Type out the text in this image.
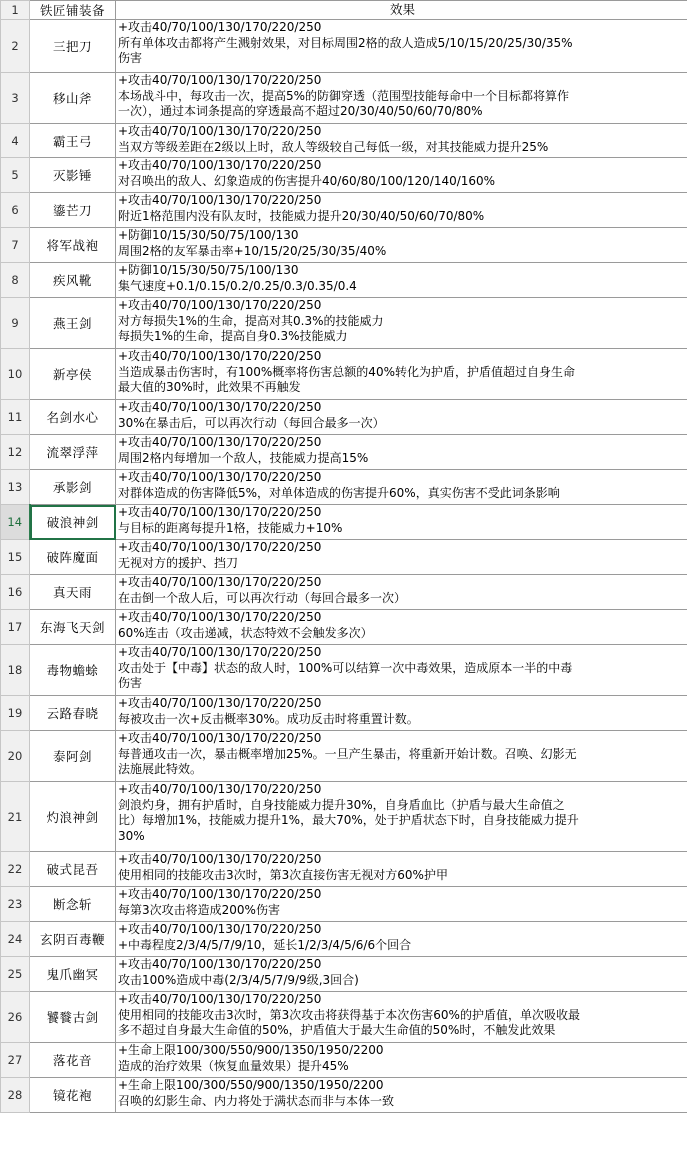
1	铁匠铺装备	效果
2	三把刀	+攻击40/70/100/130/170/220/250
所有单体攻击都将产生溅射效果，对目标周围2格的敌人造成5/10/15/20/25/30/35%
伤害
3	移山斧	+攻击40/70/100/130/170/220/250
本场战斗中，每攻击一次，提高5%的防御穿透（范围型技能每命中一个目标都将算作
一次），通过本词条提高的穿透最高不超过20/30/40/50/60/70/80%
4	霸王弓	+攻击40/70/100/130/170/220/250
当双方等级差距在2级以上时，敌人等级较自己每低一级，对其技能威力提升25%
5	灭影锤	+攻击40/70/100/130/170/220/250
对召唤出的敌人、幻象造成的伤害提升40/60/80/100/120/140/160%
6	鎏芒刀	+攻击40/70/100/130/170/220/250
附近1格范围内没有队友时，技能威力提升20/30/40/50/60/70/80%
7	将军战袍	+防御10/15/30/50/75/100/130
周围2格的友军暴击率+10/15/20/25/30/35/40%
8	疾风靴	+防御10/15/30/50/75/100/130
集气速度+0.1/0.15/0.2/0.25/0.3/0.35/0.4
9	燕王剑	+攻击40/70/100/130/170/220/250
对方每损失1%的生命，提高对其0.3%的技能威力
每损失1%的生命，提高自身0.3%技能威力
10	新亭侯	+攻击40/70/100/130/170/220/250
当造成暴击伤害时，有100%概率将伤害总额的40%转化为护盾，护盾值超过自身生命
最大值的30%时，此效果不再触发
11	名剑水心	+攻击40/70/100/130/170/220/250
30%在暴击后，可以再次行动（每回合最多一次）
12	流翠浮萍	+攻击40/70/100/130/170/220/250
周围2格内每增加一个敌人，技能威力提高15%
13	承影剑	+攻击40/70/100/130/170/220/250
对群体造成的伤害降低5%，对单体造成的伤害提升60%，真实伤害不受此词条影响
14	破浪神剑	+攻击40/70/100/130/170/220/250
与目标的距离每提升1格，技能威力+10%
15	破阵魔面	+攻击40/70/100/130/170/220/250
无视对方的援护、挡刀
16	真天雨	+攻击40/70/100/130/170/220/250
在击倒一个敌人后，可以再次行动（每回合最多一次）
17	东海飞天剑	+攻击40/70/100/130/170/220/250
60%连击（攻击递减，状态特效不会触发多次）
18	毒物蟾蜍	+攻击40/70/100/130/170/220/250
攻击处于【中毒】状态的敌人时，100%可以结算一次中毒效果，造成原本一半的中毒
伤害
19	云路春晓	+攻击40/70/100/130/170/220/250
每被攻击一次+反击概率30%。成功反击时将重置计数。
20	泰阿剑	+攻击40/70/100/130/170/220/250
每普通攻击一次，暴击概率增加25%。一旦产生暴击，将重新开始计数。召唤、幻影无
法施展此特效。
21	灼浪神剑	+攻击40/70/100/130/170/220/250
剑浪灼身，拥有护盾时，自身技能威力提升30%，自身盾血比（护盾与最大生命值之
比）每增加1%，技能威力提升1%，最大70%，处于护盾状态下时，自身技能威力提升
30%
22	破式昆吾	+攻击40/70/100/130/170/220/250
使用相同的技能攻击3次时，第3次直接伤害无视对方60%护甲
23	断念斩	+攻击40/70/100/130/170/220/250
每第3次攻击将造成200%伤害
24	玄阴百毒鞭	+攻击40/70/100/130/170/220/250
+中毒程度2/3/4/5/7/9/10，延长1/2/3/4/5/6/6个回合
25	鬼爪幽冥	+攻击40/70/100/130/170/220/250
攻击100%造成中毒(2/3/4/5/7/9/9级,3回合)
26	饕餮古剑	+攻击40/70/100/130/170/220/250
使用相同的技能攻击3次时，第3次攻击将获得基于本次伤害60%的护盾值，单次吸收最
多不超过自身最大生命值的50%，护盾值大于最大生命值的50%时，不触发此效果
27	落花音	+生命上限100/300/550/900/1350/1950/2200
造成的治疗效果（恢复血量效果）提升45%
28	镜花袍	+生命上限100/300/550/900/1350/1950/2200
召唤的幻影生命、内力将处于满状态而非与本体一致
